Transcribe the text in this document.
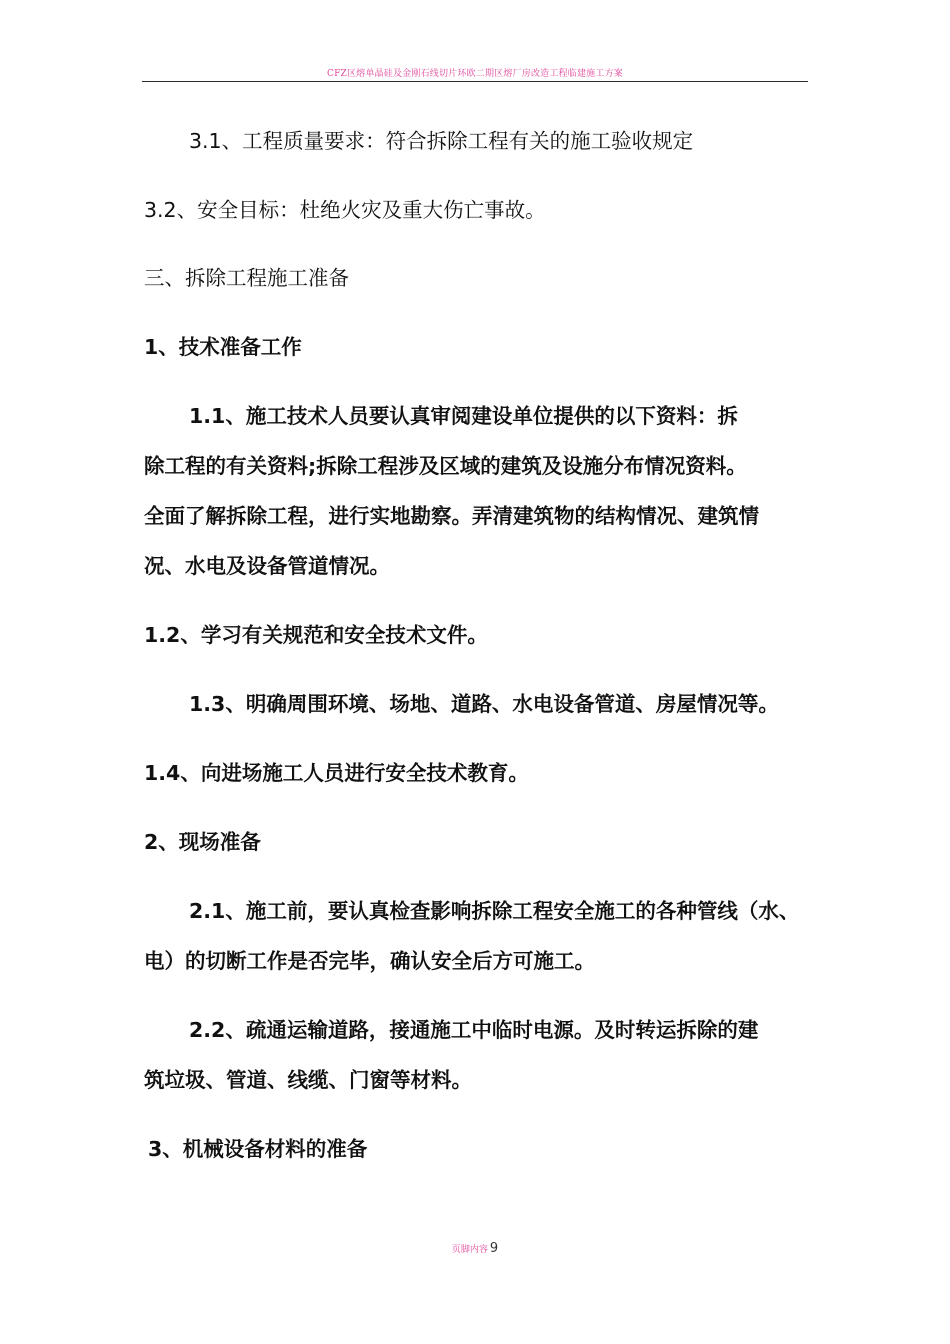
CFZ区熔单晶硅及金刚石线切片环欧二期区熔厂房改造工程临建施工方案
3.1、工程质量要求：符合拆除工程有关的施工验收规定
3.2、安全目标：杜绝火灾及重大伤亡事故。
三、拆除工程施工准备
1、技术准备工作
1.1、施工技术人员要认真审阅建设单位提供的以下资料：拆
除工程的有关资料;拆除工程涉及区域的建筑及设施分布情况资料。
全面了解拆除工程，进行实地勘察。弄清建筑物的结构情况、建筑情
况、水电及设备管道情况。
1.2、学习有关规范和安全技术文件。
1.3、明确周围环境、场地、道路、水电设备管道、房屋情况等。
1.4、向进场施工人员进行安全技术教育。
2、现场准备
2.1、施工前，要认真检查影响拆除工程安全施工的各种管线（水、
电）的切断工作是否完毕，确认安全后方可施工。
2.2、疏通运输道路，接通施工中临时电源。及时转运拆除的建
筑垃圾、管道、线缆、门窗等材料。
3、机械设备材料的准备
页脚内容 9
